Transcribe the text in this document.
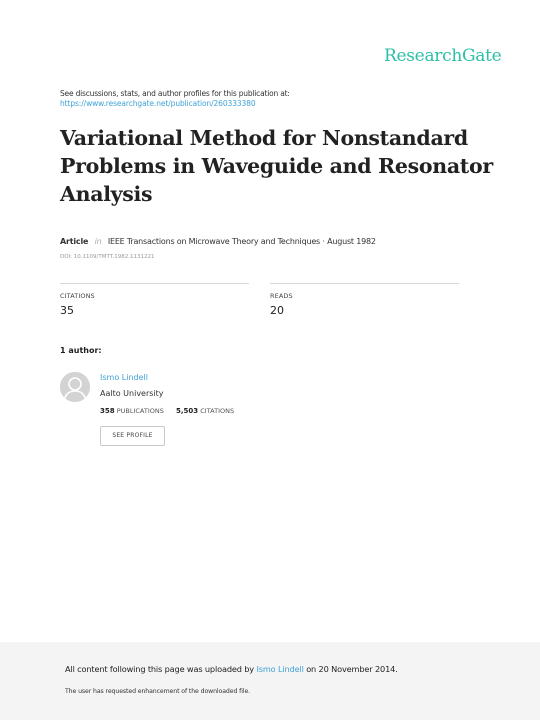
ResearchGate
See discussions, stats, and author profiles for this publication at:
https://www.researchgate.net/publication/260333380
Variational Method for Nonstandard Problems in Waveguide and Resonator Analysis
Article in IEEE Transactions on Microwave Theory and Techniques · August 1982
DOI: 10.1109/TMTT.1982.1131221
CITATIONS
35
READS
20
1 author:
Ismo Lindell
Aalto University
358 PUBLICATIONS 5,503 CITATIONS
SEE PROFILE
All content following this page was uploaded by Ismo Lindell on 20 November 2014.
The user has requested enhancement of the downloaded file.
